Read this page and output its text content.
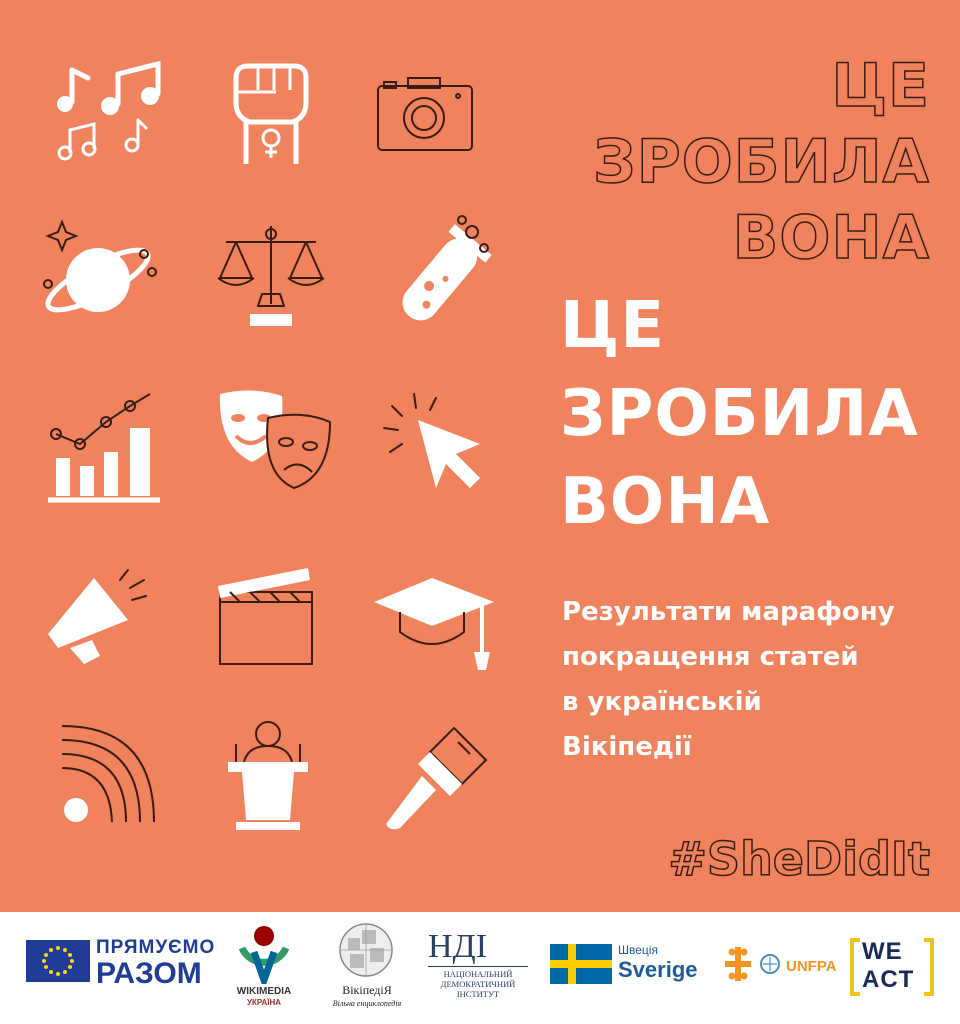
ЦЕ
ЗРОБИЛА
ВОНА
ЦЕ
ЗРОБИЛА
ВОНА
Результати марафону
покращення статей
в українській
Вікіпедії
#SheDidIt
ПРЯМУЄМО
РАЗОМ
WIKIMEDIA
УКРАЇНА
ВікіпедіЯ
Вільна енциклопедія
НДІ
НАЦІОНАЛЬНИЙ
ДЕМОКРАТИЧНИЙ
ІНСТИТУТ
Швеція
Sverige	UNFPA
WE
ACT
